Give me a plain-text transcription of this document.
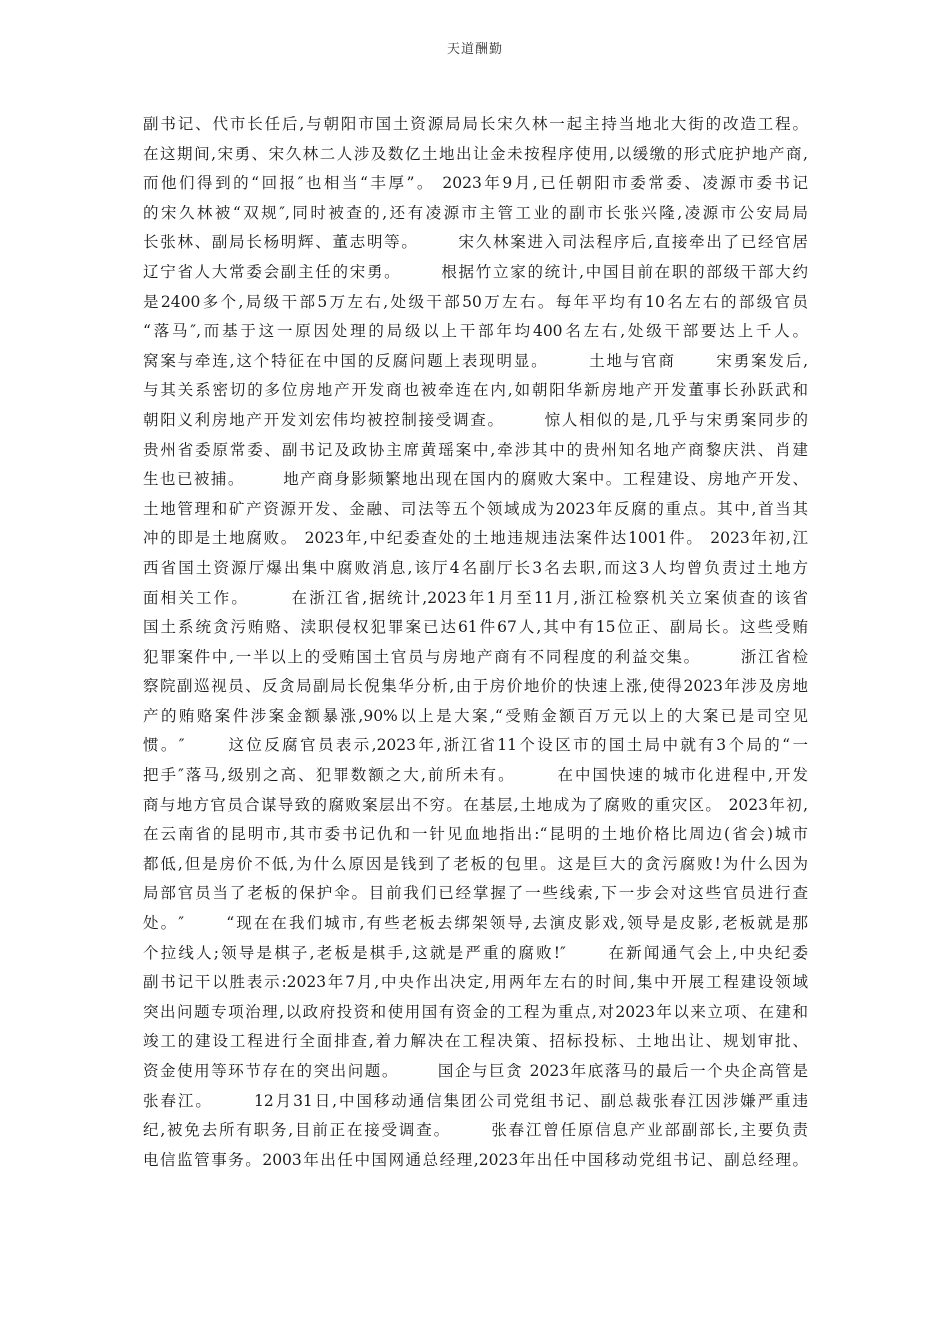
天道酬勤
副书记、代市长任后,与朝阳市国土资源局局长宋久林一起主持当地北大街的改造工程。
在这期间,宋勇、宋久林二人涉及数亿土地出让金未按程序使用,以缓缴的形式庇护地产商,
而他们得到的“回报″也相当“丰厚”。 2023年9月,已任朝阳市委常委、凌源市委书记
的宋久林被“双规″,同时被查的,还有凌源市主管工业的副市长张兴隆,凌源市公安局局
长张林、副局长杨明辉、董志明等。      宋久林案进入司法程序后,直接牵出了已经官居
辽宁省人大常委会副主任的宋勇。      根据竹立家的统计,中国目前在职的部级干部大约
是2400多个,局级干部5万左右,处级干部50万左右。每年平均有10名左右的部级官员
“落马″,而基于这一原因处理的局级以上干部年均400名左右,处级干部要达上千人。
窝案与牵连,这个特征在中国的反腐问题上表现明显。      土地与官商      宋勇案发后,
与其关系密切的多位房地产开发商也被牵连在内,如朝阳华新房地产开发董事长孙跃武和
朝阳义利房地产开发刘宏伟均被控制接受调查。      惊人相似的是,几乎与宋勇案同步的
贵州省委原常委、副书记及政协主席黄瑶案中,牵涉其中的贵州知名地产商黎庆洪、肖建
生也已被捕。      地产商身影频繁地出现在国内的腐败大案中。工程建设、房地产开发、
土地管理和矿产资源开发、金融、司法等五个领域成为2023年反腐的重点。其中,首当其
冲的即是土地腐败。 2023年,中纪委查处的土地违规违法案件达1001件。 2023年初,江
西省国土资源厅爆出集中腐败消息,该厅4名副厅长3名去职,而这3人均曾负责过土地方
面相关工作。      在浙江省,据统计,2023年1月至11月,浙江检察机关立案侦查的该省
国土系统贪污贿赂、渎职侵权犯罪案已达61件67人,其中有15位正、副局长。这些受贿
犯罪案件中,一半以上的受贿国土官员与房地产商有不同程度的利益交集。      浙江省检
察院副巡视员、反贪局副局长倪集华分析,由于房价地价的快速上涨,使得2023年涉及房地
产的贿赂案件涉案金额暴涨,90%以上是大案,“受贿金额百万元以上的大案已是司空见
惯。″      这位反腐官员表示,2023年,浙江省11个设区市的国土局中就有3个局的“一
把手″落马,级别之高、犯罪数额之大,前所未有。      在中国快速的城市化进程中,开发
商与地方官员合谋导致的腐败案层出不穷。在基层,土地成为了腐败的重灾区。 2023年初,
在云南省的昆明市,其市委书记仇和一针见血地指出:“昆明的土地价格比周边(省会)城市
都低,但是房价不低,为什么原因是钱到了老板的包里。这是巨大的贪污腐败!为什么因为
局部官员当了老板的保护伞。目前我们已经掌握了一些线索,下一步会对这些官员进行查
处。″      “现在在我们城市,有些老板去绑架领导,去演皮影戏,领导是皮影,老板就是那
个拉线人;领导是棋子,老板是棋手,这就是严重的腐败!″      在新闻通气会上,中央纪委
副书记干以胜表示:2023年7月,中央作出决定,用两年左右的时间,集中开展工程建设领域
突出问题专项治理,以政府投资和使用国有资金的工程为重点,对2023年以来立项、在建和
竣工的建设工程进行全面排查,着力解决在工程决策、招标投标、土地出让、规划审批、
资金使用等环节存在的突出问题。      国企与巨贪 2023年底落马的最后一个央企高管是
张春江。      12月31日,中国移动通信集团公司党组书记、副总裁张春江因涉嫌严重违
纪,被免去所有职务,目前正在接受调查。      张春江曾任原信息产业部副部长,主要负责
电信监管事务。2003年出任中国网通总经理,2023年出任中国移动党组书记、副总经理。
